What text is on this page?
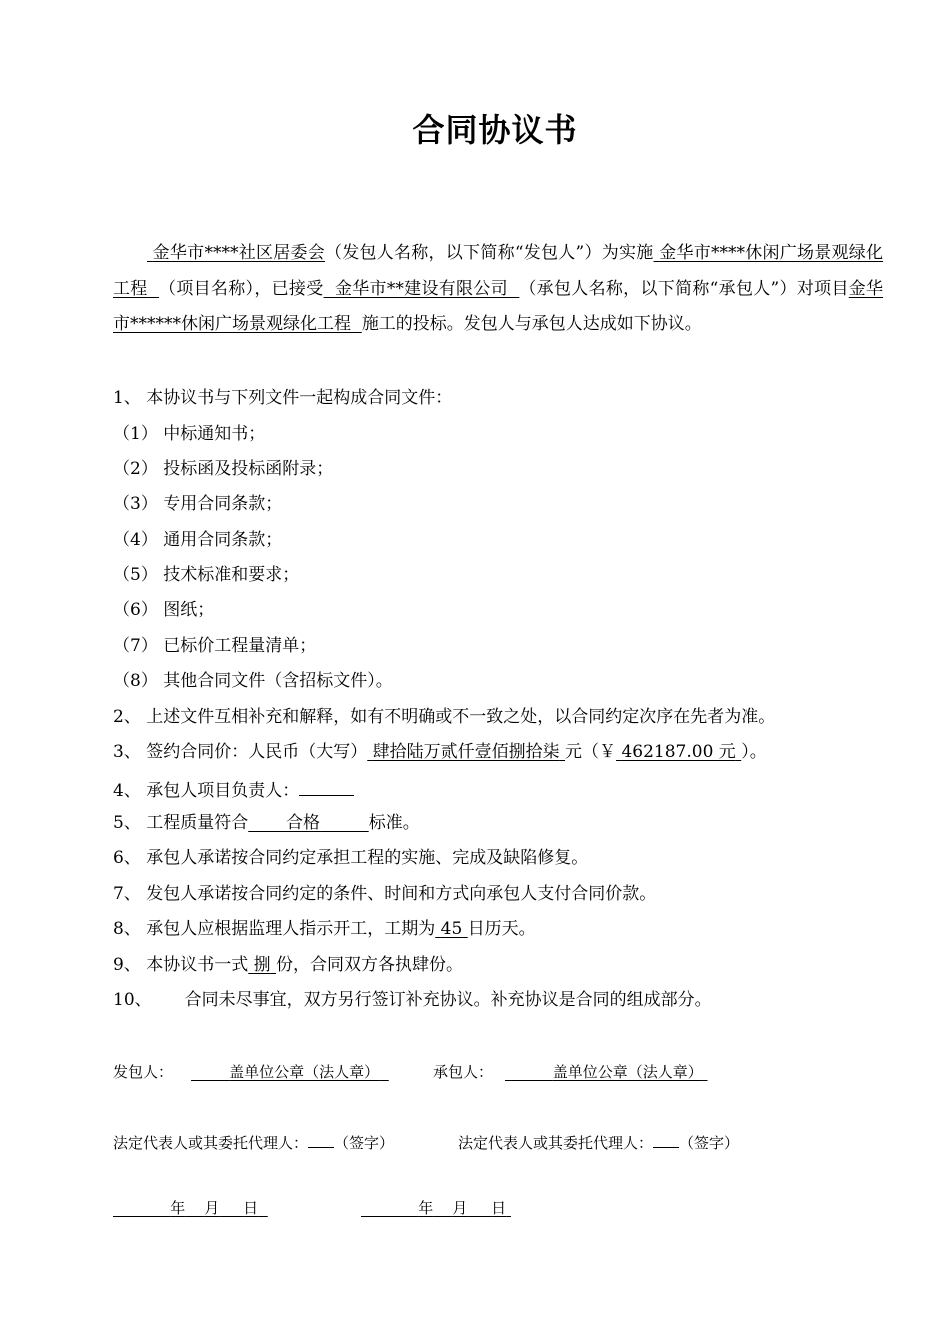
合同协议书
金华市****社区居委会（发包人名称，以下简称“发包人”）为实施 金华市****休闲广场景观绿化工程 （项目名称），已接受 金华市**建设有限公司 （承包人名称，以下简称“承包人”）对项目金华市******休闲广场景观绿化工程 施工的投标。发包人与承包人达成如下协议。
1、 本协议书与下列文件一起构成合同文件：
（1） 中标通知书；
（2） 投标函及投标函附录；
（3） 专用合同条款；
（4） 通用合同条款；
（5） 技术标准和要求；
（6） 图纸；
（7） 已标价工程量清单；
（8） 其他合同文件（含招标文件）。
2、 上述文件互相补充和解释，如有不明确或不一致之处，以合同约定次序在先者为准。
3、 签约合同价：人民币（大写） 肆拾陆万贰仟壹佰捌拾柒 元（￥ 462187.00 元 ）。
4、 承包人项目负责人：
5、 工程质量符合 合格	标准。
6、 承包人承诺按合同约定承担工程的实施、完成及缺陷修复。
7、 发包人承诺按合同约定的条件、时间和方式向承包人支付合同价款。
8、 承包人应根据监理人指示开工，工期为 45 日历天。
9、 本协议书一式 捌 份，合同双方各执肆份。
10、 合同未尽事宜，双方另行签订补充协议。补充协议是合同的组成部分。
发包人：	盖单位公章（法人章）	承包人：	盖单位公章（法人章）
法定代表人或其委托代理人： （签字）	法定代表人或其委托代理人： （签字）
年 月 日	年 月 日
